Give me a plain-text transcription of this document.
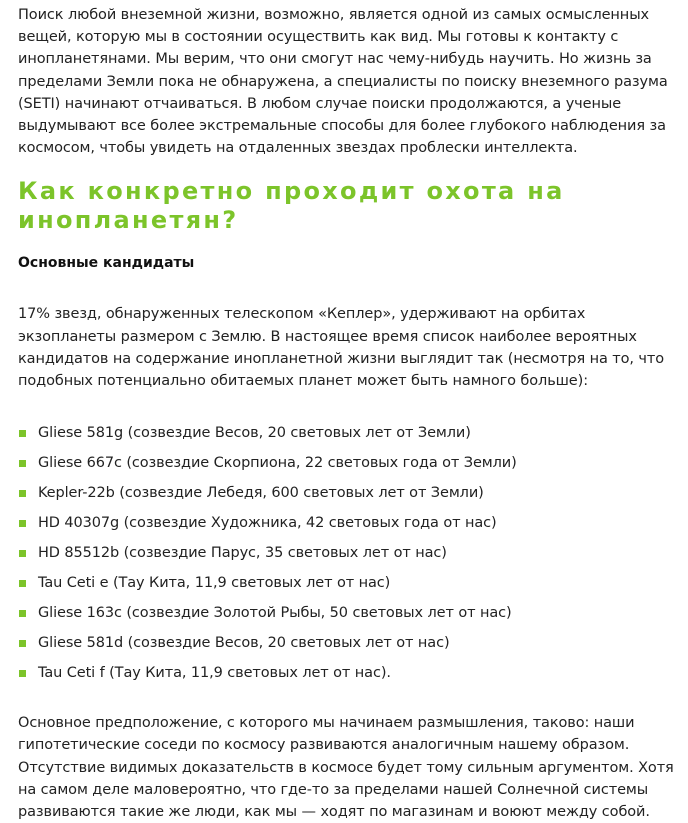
Поиск любой внеземной жизни, возможно, является одной из самых осмысленных вещей, которую мы в состоянии осуществить как вид. Мы готовы к контакту с инопланетянами. Мы верим, что они смогут нас чему-нибудь научить. Но жизнь за пределами Земли пока не обнаружена, а специалисты по поиску внеземного разума (SETI) начинают отчаиваться. В любом случае поиски продолжаются, а ученые выдумывают все более экстремальные способы для более глубокого наблюдения за космосом, чтобы увидеть на отдаленных звездах проблески интеллекта.

Как конкретно проходит охота на инопланетян?
Основные кандидаты

17% звезд, обнаруженных телескопом «Кеплер», удерживают на орбитах экзопланеты размером с Землю. В настоящее время список наиболее вероятных кандидатов на содержание инопланетной жизни выглядит так (несмотря на то, что подобных потенциально обитаемых планет может быть намного больше):

Gliese 581g (созвездие Весов, 20 световых лет от Земли)
Gliese 667c (созвездие Скорпиона, 22 световых года от Земли)
Kepler-22b (созвездие Лебедя, 600 световых лет от Земли)
HD 40307g (созвездие Художника, 42 световых года от нас)
HD 85512b (созвездие Парус, 35 световых лет от нас)
Tau Ceti e (Тау Кита, 11,9 световых лет от нас)
Gliese 163c (созвездие Золотой Рыбы, 50 световых лет от нас)
Gliese 581d (созвездие Весов, 20 световых лет от нас)
Tau Ceti f (Тау Кита, 11,9 световых лет от нас).

Основное предположение, с которого мы начинаем размышления, таково: наши гипотетические соседи по космосу развиваются аналогичным нашему образом. Отсутствие видимых доказательств в космосе будет тому сильным аргументом. Хотя на самом деле маловероятно, что где-то за пределами нашей Солнечной системы развиваются такие же люди, как мы — ходят по магазинам и воюют между собой.
